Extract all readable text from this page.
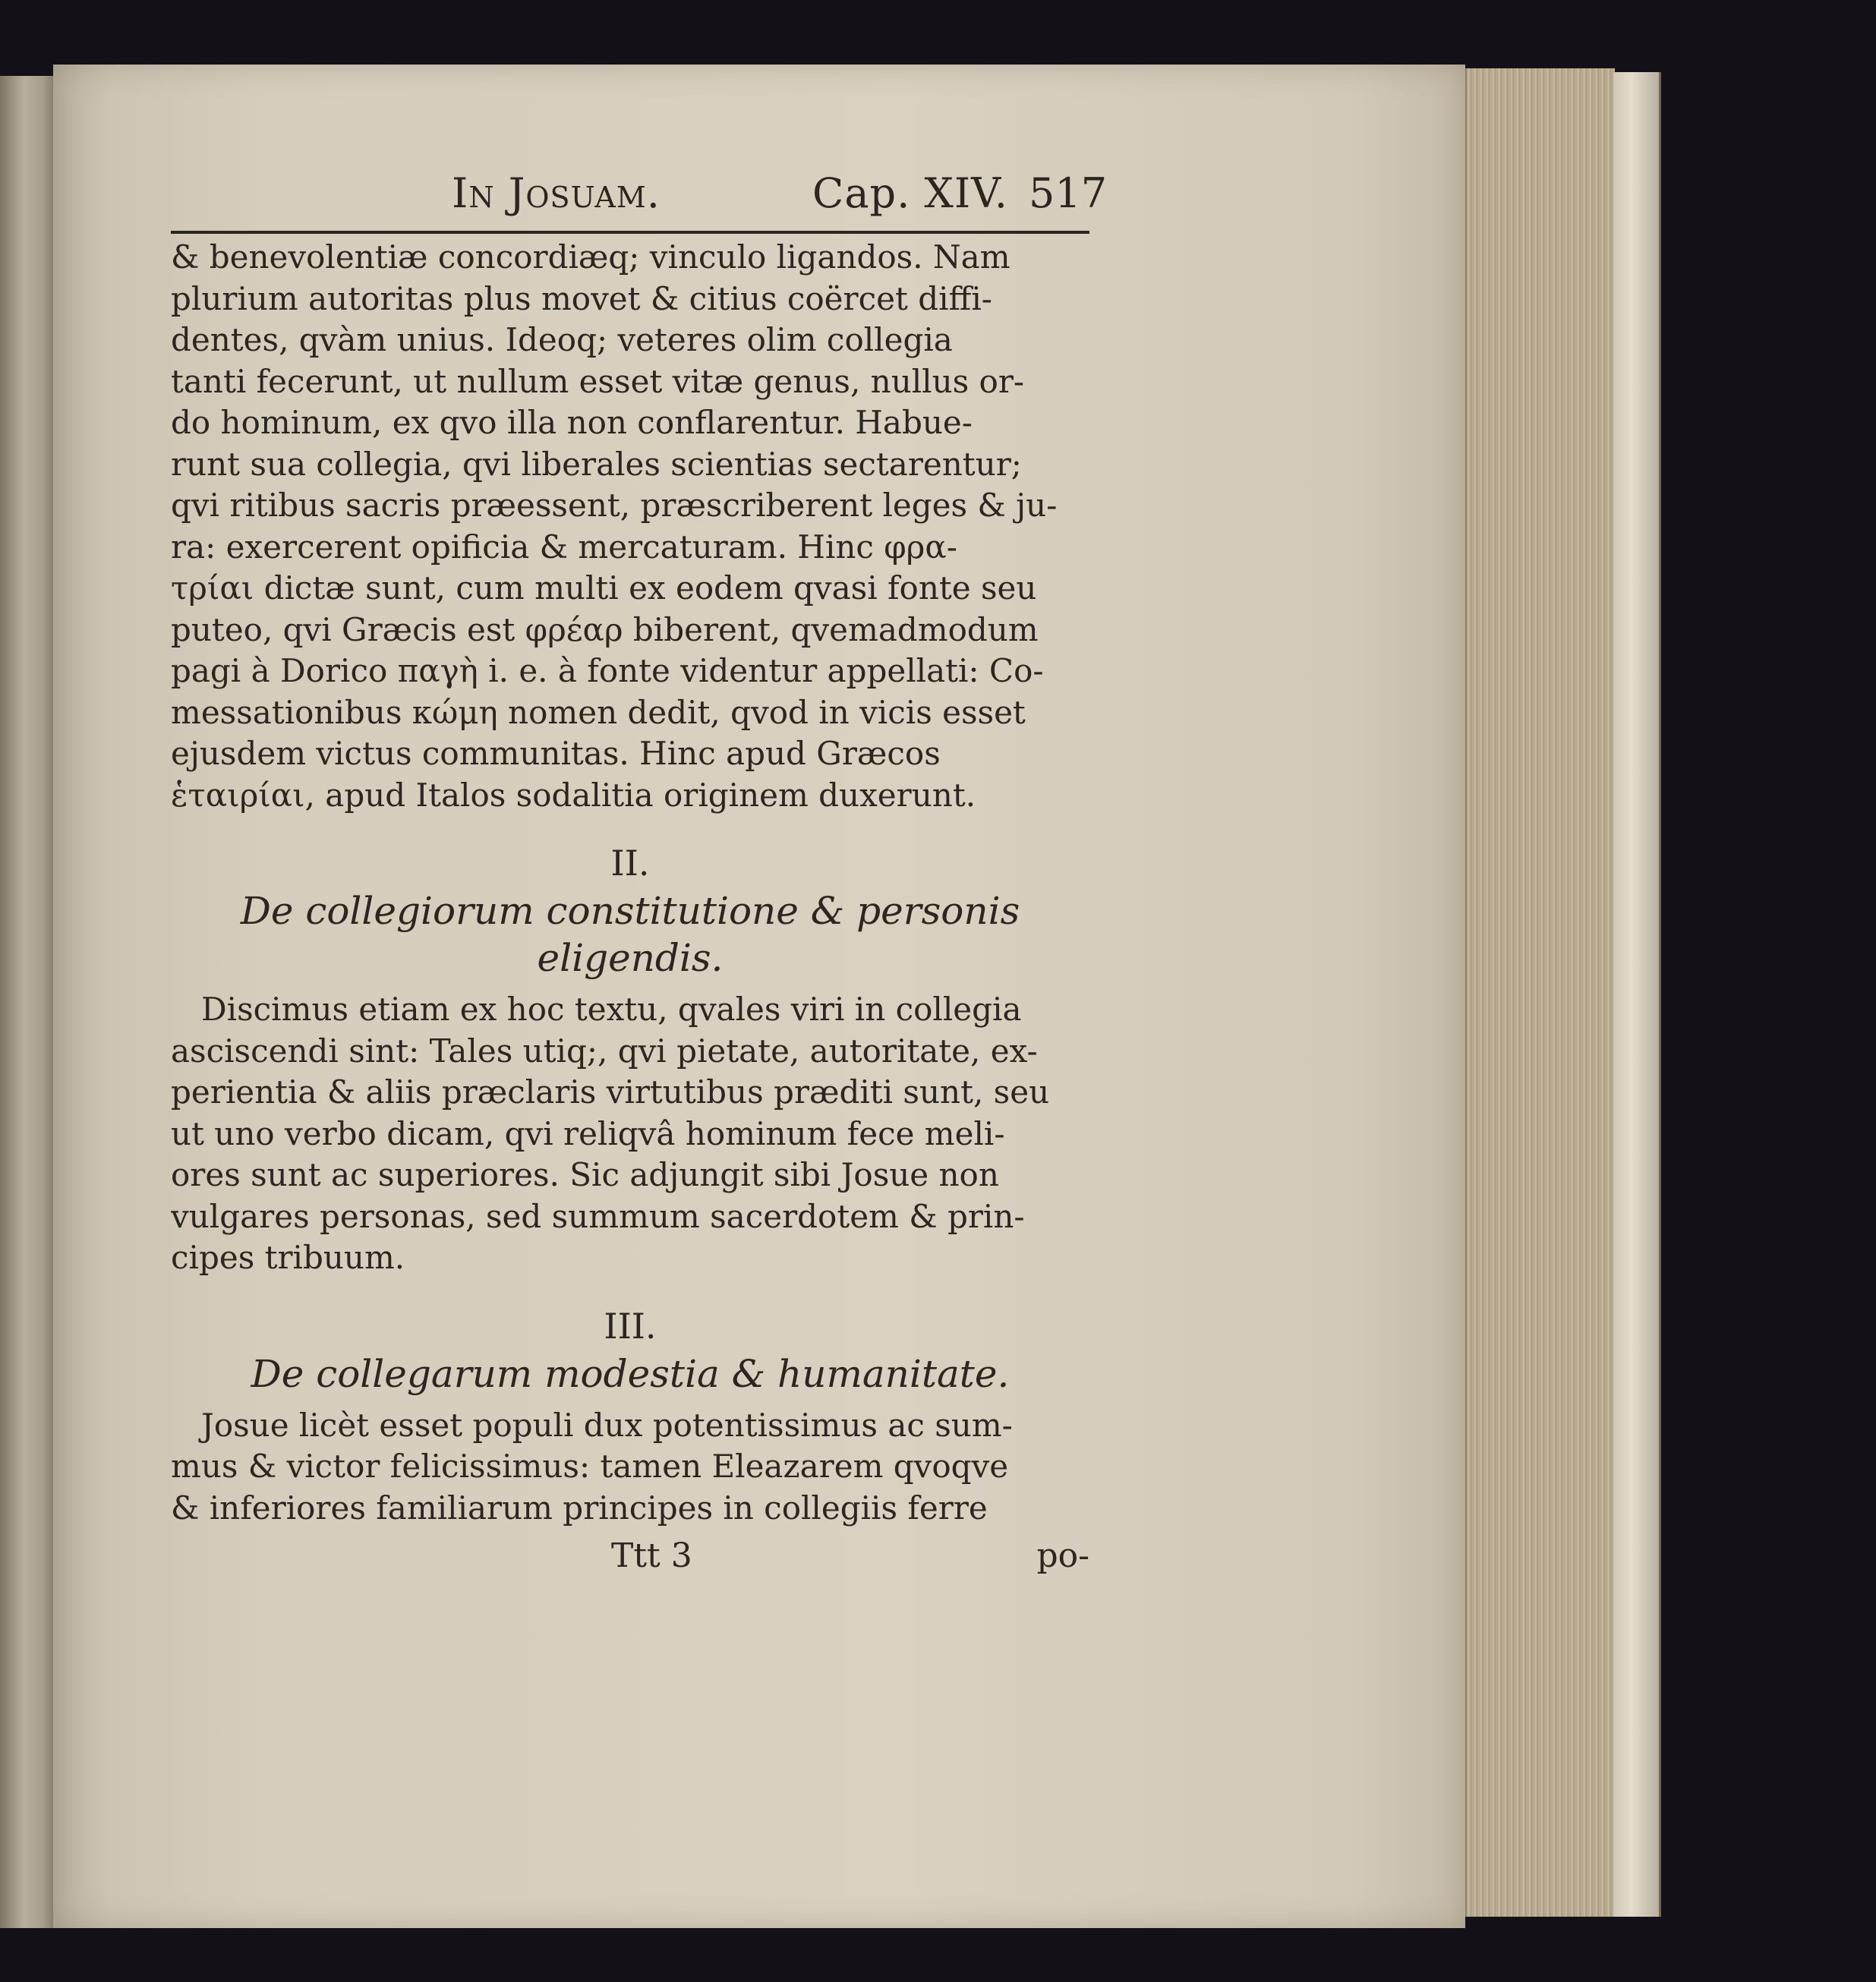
In Josuam.	Cap. XIV. 517

& benevolentiæ concordiæq; vinculo ligandos. Nam
plurium autoritas plus movet & citius coërcet diffi-
dentes, qvàm unius. Ideoq; veteres olim collegia
tanti fecerunt, ut nullum esset vitæ genus, nullus or-
do hominum, ex qvo illa non conflarentur. Habue-
runt sua collegia, qvi liberales scientias sectarentur;
qvi ritibus sacris præessent, præscriberent leges & ju-
ra: exercerent opificia & mercaturam. Hinc φρα-
τρίαι dictæ sunt, cum multi ex eodem qvasi fonte seu
puteo, qvi Græcis est φρέαρ biberent, qvemadmodum
pagi à Dorico παγὴ i. e. à fonte videntur appellati: Co-
messationibus κώμη nomen dedit, qvod in vicis esset
ejusdem victus communitas. Hinc apud Græcos
ἑταιρίαι, apud Italos sodalitia originem duxerunt.

II.
De collegiorum constitutione & personis
eligendis.

Discimus etiam ex hoc textu, qvales viri in collegia
asciscendi sint: Tales utiq;, qvi pietate, autoritate, ex-
perientia & aliis præclaris virtutibus præditi sunt, seu
ut uno verbo dicam, qvi reliqvâ hominum fece meli-
ores sunt ac superiores. Sic adjungit sibi Josue non
vulgares personas, sed summum sacerdotem & prin-
cipes tribuum.

III.
De collegarum modestia & humanitate.

Josue licèt esset populi dux potentissimus ac sum-
mus & victor felicissimus: tamen Eleazarem qvoqve
& inferiores familiarum principes in collegiis ferre

Ttt 3	po-
